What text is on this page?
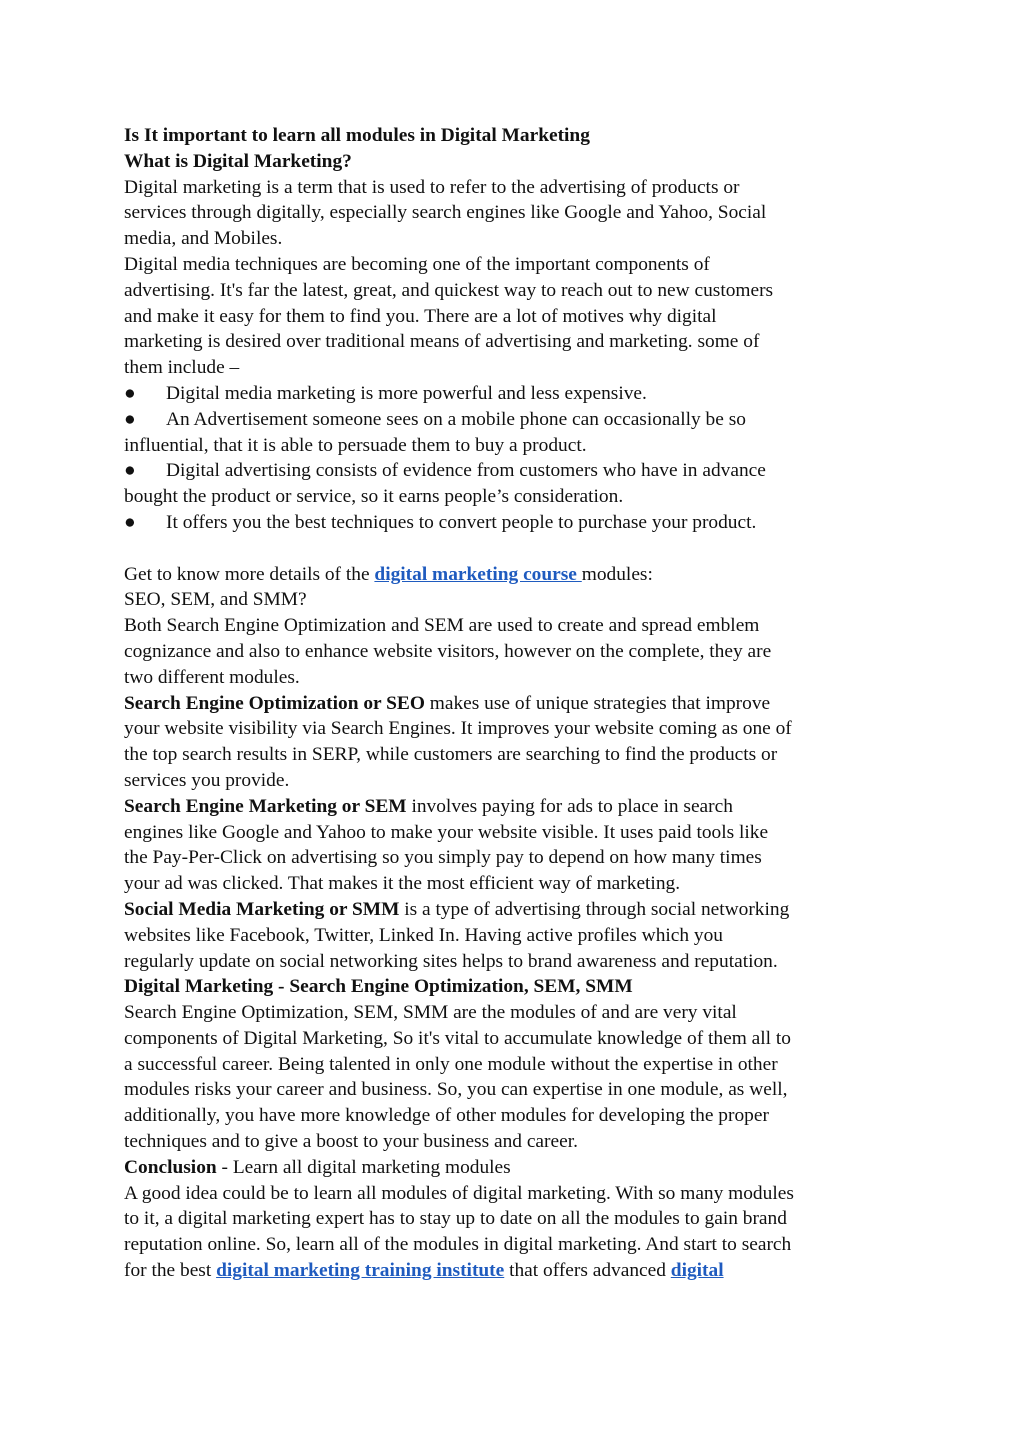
Is It important to learn all modules in Digital Marketing
What is Digital Marketing?
Digital marketing is a term that is used to refer to the advertising of products or
services through digitally, especially search engines like Google and Yahoo, Social
media, and Mobiles.
Digital media techniques are becoming one of the important components of
advertising. It's far the latest, great, and quickest way to reach out to new customers
and make it easy for them to find you. There are a lot of motives why digital
marketing is desired over traditional means of advertising and marketing. some of
them include –
● Digital media marketing is more powerful and less expensive.
● An Advertisement someone sees on a mobile phone can occasionally be so
influential, that it is able to persuade them to buy a product.
● Digital advertising consists of evidence from customers who have in advance
bought the product or service, so it earns people’s consideration.
● It offers you the best techniques to convert people to purchase your product.
Get to know more details of the digital marketing course modules:
SEO, SEM, and SMM?
Both Search Engine Optimization and SEM are used to create and spread emblem
cognizance and also to enhance website visitors, however on the complete, they are
two different modules.
Search Engine Optimization or SEO makes use of unique strategies that improve
your website visibility via Search Engines. It improves your website coming as one of
the top search results in SERP, while customers are searching to find the products or
services you provide.
Search Engine Marketing or SEM involves paying for ads to place in search
engines like Google and Yahoo to make your website visible. It uses paid tools like
the Pay-Per-Click on advertising so you simply pay to depend on how many times
your ad was clicked. That makes it the most efficient way of marketing.
Social Media Marketing or SMM is a type of advertising through social networking
websites like Facebook, Twitter, Linked In. Having active profiles which you
regularly update on social networking sites helps to brand awareness and reputation.
Digital Marketing - Search Engine Optimization, SEM, SMM
Search Engine Optimization, SEM, SMM are the modules of and are very vital
components of Digital Marketing, So it's vital to accumulate knowledge of them all to
a successful career. Being talented in only one module without the expertise in other
modules risks your career and business. So, you can expertise in one module, as well,
additionally, you have more knowledge of other modules for developing the proper
techniques and to give a boost to your business and career.
Conclusion - Learn all digital marketing modules
A good idea could be to learn all modules of digital marketing. With so many modules
to it, a digital marketing expert has to stay up to date on all the modules to gain brand
reputation online. So, learn all of the modules in digital marketing. And start to search
for the best digital marketing training institute that offers advanced digital
